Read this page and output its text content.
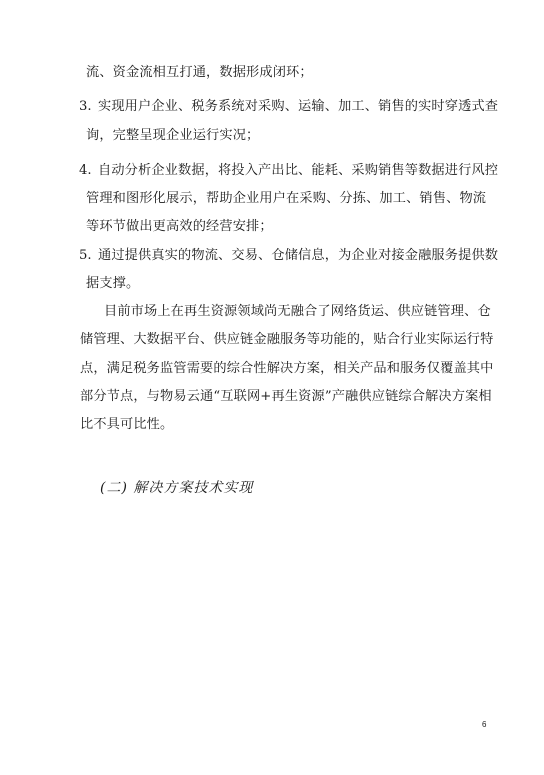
流、资金流相互打通，数据形成闭环；
3. 实现用户企业、税务系统对采购、运输、加工、销售的实时穿透式查
询，完整呈现企业运行实况；
4. 自动分析企业数据，将投入产出比、能耗、采购销售等数据进行风控
管理和图形化展示，帮助企业用户在采购、分拣、加工、销售、物流
等环节做出更高效的经营安排；
5. 通过提供真实的物流、交易、仓储信息，为企业对接金融服务提供数
据支撑。
目前市场上在再生资源领域尚无融合了网络货运、供应链管理、仓
储管理、大数据平台、供应链金融服务等功能的，贴合行业实际运行特
点，满足税务监管需要的综合性解决方案，相关产品和服务仅覆盖其中
部分节点，与物易云通“互联网+再生资源”产融供应链综合解决方案相
比不具可比性。
(二) 解决方案技术实现
6
